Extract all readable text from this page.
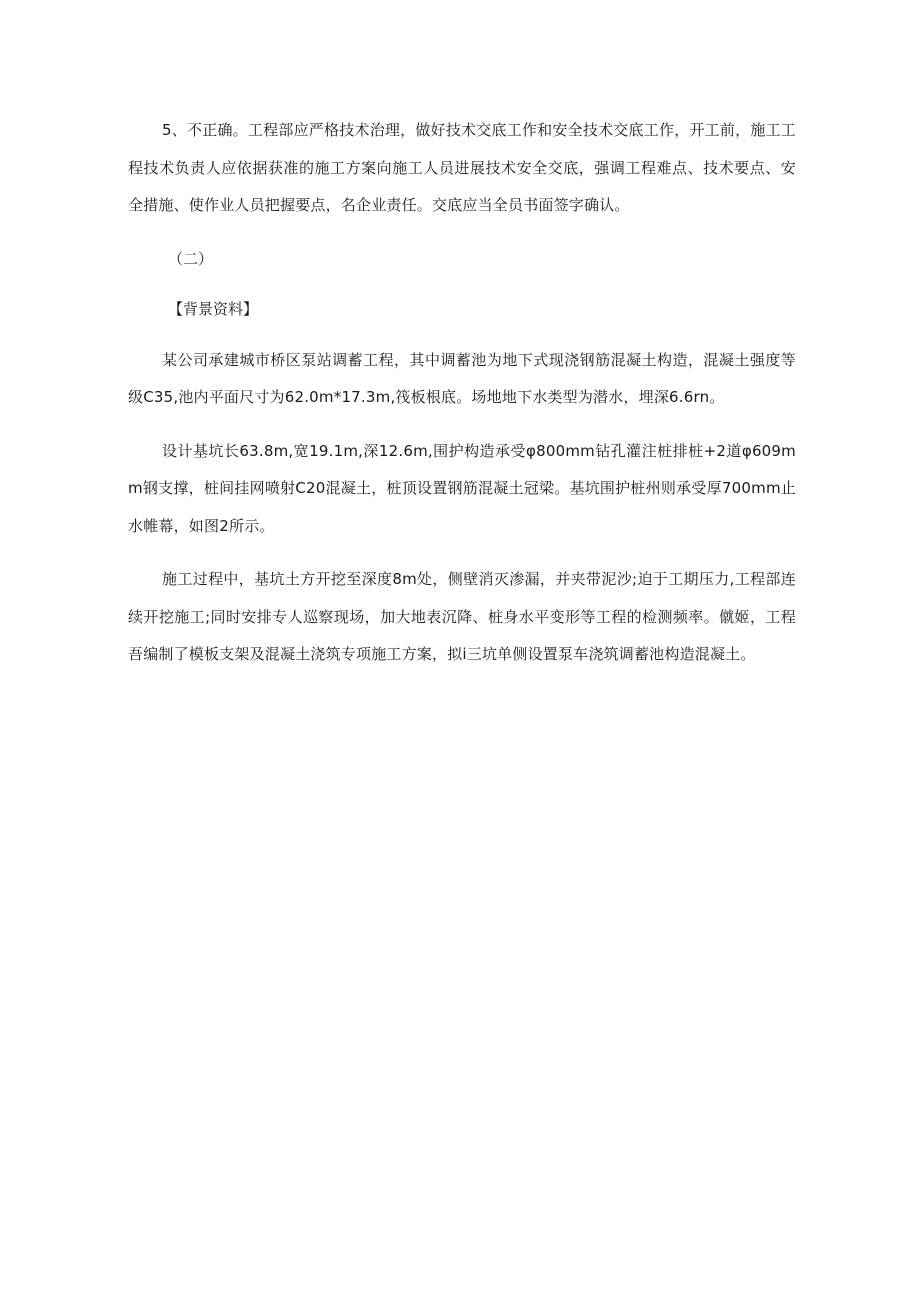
5、不正确。工程部应严格技术治理，做好技术交底工作和安全技术交底工作，开工前，施工工程技术负责人应依据获准的施工方案向施工人员进展技术安全交底，强调工程难点、技术要点、安全措施、使作业人员把握要点，名企业责任。交底应当全员书面签字确认。

（二）

【背景资料】

某公司承建城市桥区泵站调蓄工程，其中调蓄池为地下式现浇钢筋混凝土构造，混凝土强度等级C35,池内平面尺寸为62.0m*17.3m,筏板根底。场地地下水类型为潜水，埋深6.6rn。

设计基坑长63.8m,宽19.1m,深12.6m,围护构造承受φ800mm钻孔灌注桩排桩+2道φ609mm钢支撑，桩间挂网喷射C20混凝土，桩顶设置钢筋混凝土冠梁。基坑围护桩州则承受厚700mm止水帷幕，如图2所示。

施工过程中，基坑土方开挖至深度8m处，侧壁消灭渗漏，并夹带泥沙;迫于工期压力,工程部连续开挖施工;同时安排专人巡察现场，加大地表沉降、桩身水平变形等工程的检测频率。僦姬，工程吾编制了模板支架及混凝土浇筑专项施工方案，拟i三坑单侧设置泵车浇筑调蓄池构造混凝土。
